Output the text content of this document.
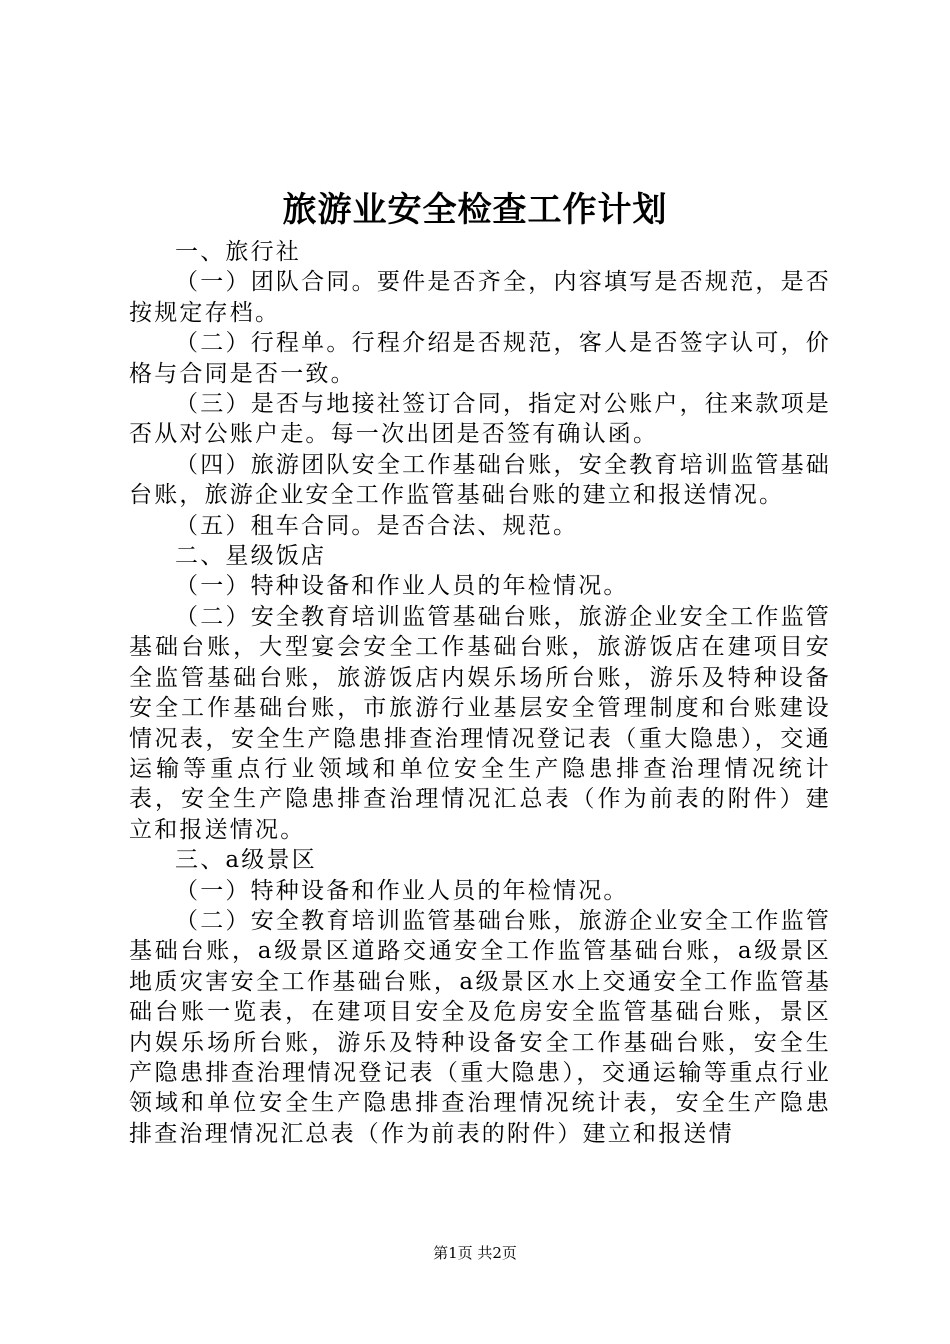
旅游业安全检查工作计划

一、旅行社

（一）团队合同。要件是否齐全，内容填写是否规范，是否按规定存档。

（二）行程单。行程介绍是否规范，客人是否签字认可，价格与合同是否一致。

（三）是否与地接社签订合同，指定对公账户，往来款项是否从对公账户走。每一次出团是否签有确认函。

（四）旅游团队安全工作基础台账，安全教育培训监管基础台账，旅游企业安全工作监管基础台账的建立和报送情况。

（五）租车合同。是否合法、规范。

二、星级饭店

（一）特种设备和作业人员的年检情况。

（二）安全教育培训监管基础台账，旅游企业安全工作监管基础台账，大型宴会安全工作基础台账，旅游饭店在建项目安全监管基础台账，旅游饭店内娱乐场所台账，游乐及特种设备安全工作基础台账，市旅游行业基层安全管理制度和台账建设情况表，安全生产隐患排查治理情况登记表（重大隐患），交通运输等重点行业领域和单位安全生产隐患排查治理情况统计表，安全生产隐患排查治理情况汇总表（作为前表的附件）建立和报送情况。

三、a级景区

（一）特种设备和作业人员的年检情况。

（二）安全教育培训监管基础台账，旅游企业安全工作监管基础台账，a级景区道路交通安全工作监管基础台账，a级景区地质灾害安全工作基础台账，a级景区水上交通安全工作监管基础台账一览表，在建项目安全及危房安全监管基础台账，景区内娱乐场所台账，游乐及特种设备安全工作基础台账，安全生产隐患排查治理情况登记表（重大隐患），交通运输等重点行业领域和单位安全生产隐患排查治理情况统计表，安全生产隐患排查治理情况汇总表（作为前表的附件）建立和报送情

第1页 共2页
